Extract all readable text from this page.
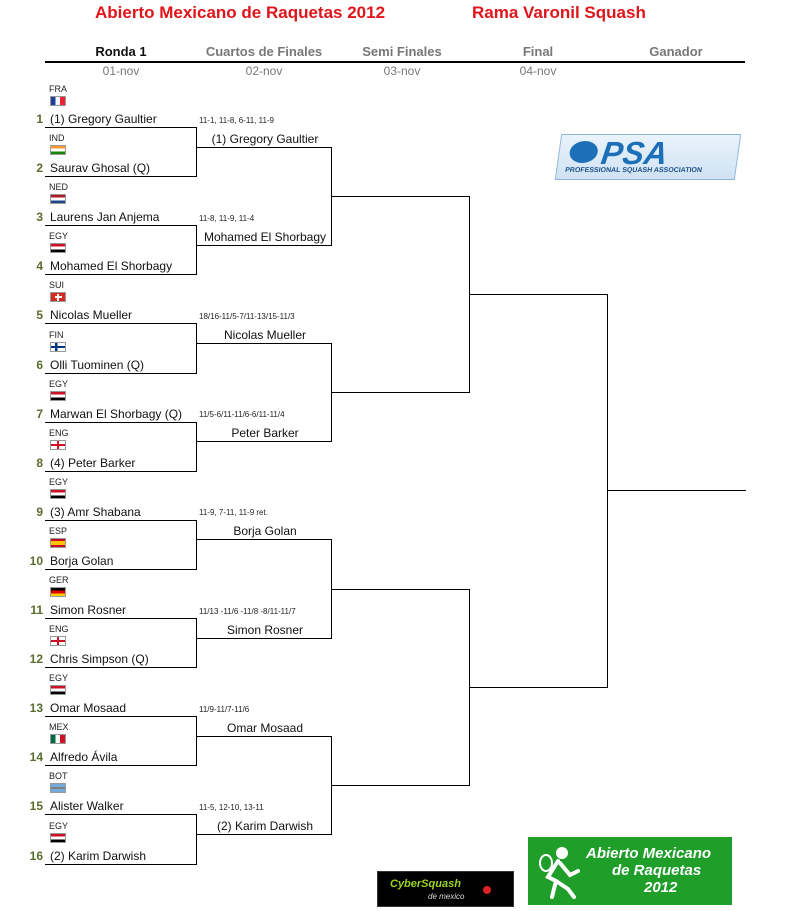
Abierto Mexicano de Raquetas 2012	Rama Varonil Squash
Ronda 1
01-nov
Cuartos de Finales
02-nov
Semi Finales
03-nov
Final
04-nov
Ganador
FRA
1 (1) Gregory Gaultier
IND
2 Saurav Ghosal (Q)
NED
3 Laurens Jan Anjema
EGY
4 Mohamed El Shorbagy
SUI
5 Nicolas Mueller
FIN
6 Olli Tuominen (Q)
EGY
7 Marwan El Shorbagy (Q)
ENG
8 (4) Peter Barker
EGY
9 (3) Amr Shabana
ESP
10 Borja Golan
GER
11 Simon Rosner
ENG
12 Chris Simpson (Q)
EGY
13 Omar Mosaad
MEX
14 Alfredo Ávila
BOT
15 Alister Walker
EGY
16 (2) Karim Darwish
11-1, 11-8, 6-11, 11-9
(1) Gregory Gaultier
11-8, 11-9, 11-4
Mohamed El Shorbagy
18/16-11/5-7/11-13/15-11/3
Nicolas Mueller
11/5-6/11-11/6-6/11-11/4
Peter Barker
11-9, 7-11, 11-9 ret.
Borja Golan
11/13 -11/6 -11/8 -8/11-11/7
Simon Rosner
11/9-11/7-11/6
Omar Mosaad
11-5, 12-10, 13-11
(2) Karim Darwish
PSA
PROFESSIONAL SQUASH ASSOCIATION
CyberSquash
de mexico
Abierto Mexicano
de Raquetas
2012
